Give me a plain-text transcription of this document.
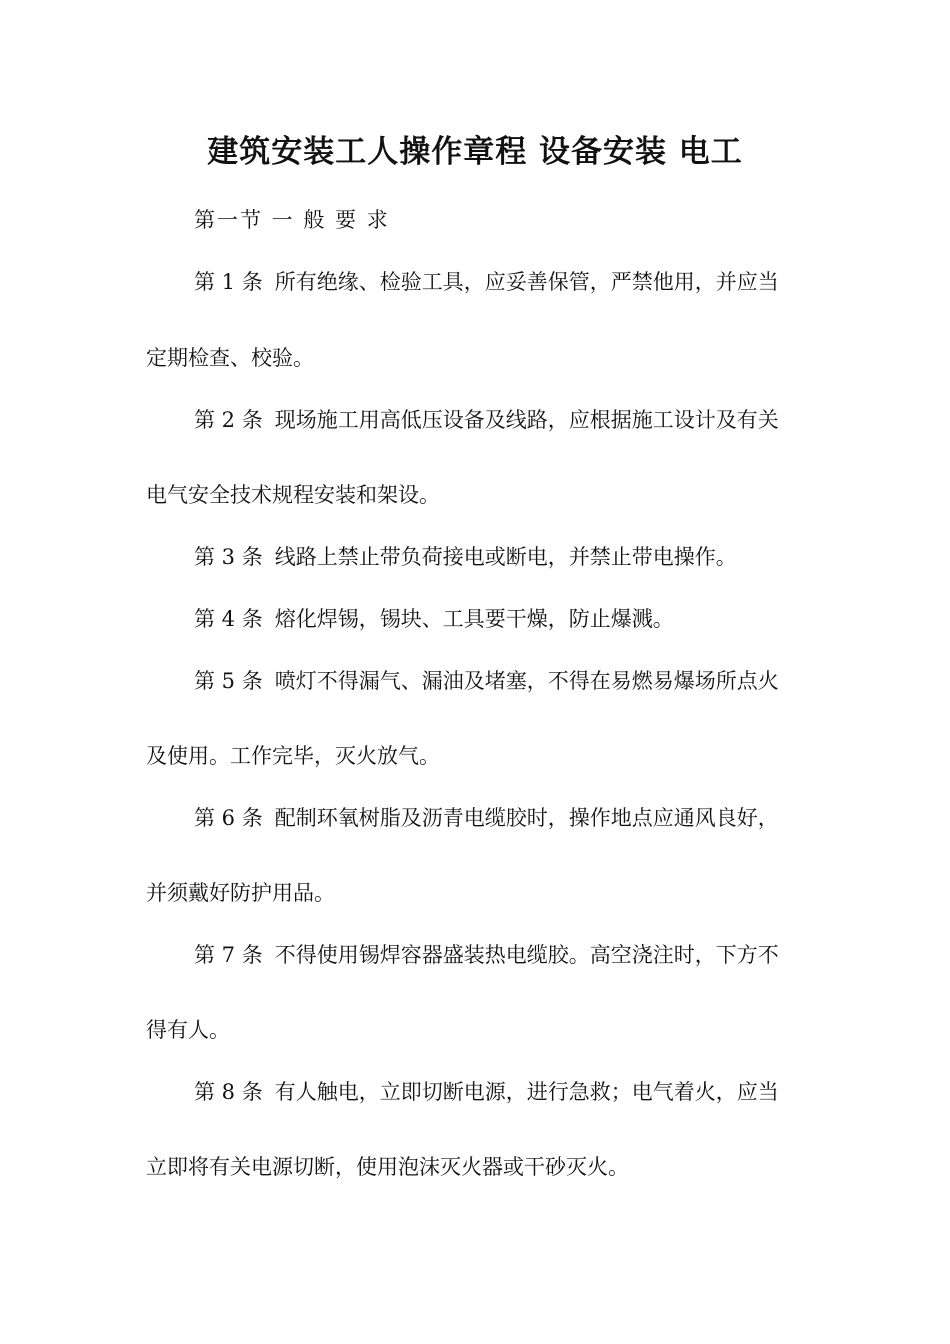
建筑安装工人操作章程 设备安装 电工
第一节 一 般 要 求
第 1 条 所有绝缘、检验工具，应妥善保管，严禁他用，并应当
定期检查、校验。
第 2 条 现场施工用高低压设备及线路，应根据施工设计及有关
电气安全技术规程安装和架设。
第 3 条 线路上禁止带负荷接电或断电，并禁止带电操作。
第 4 条 熔化焊锡，锡块、工具要干燥，防止爆溅。
第 5 条 喷灯不得漏气、漏油及堵塞，不得在易燃易爆场所点火
及使用。工作完毕，灭火放气。
第 6 条 配制环氧树脂及沥青电缆胶时，操作地点应通风良好，
并须戴好防护用品。
第 7 条 不得使用锡焊容器盛装热电缆胶。高空浇注时，下方不
得有人。
第 8 条 有人触电，立即切断电源，进行急救；电气着火，应当
立即将有关电源切断，使用泡沫灭火器或干砂灭火。
